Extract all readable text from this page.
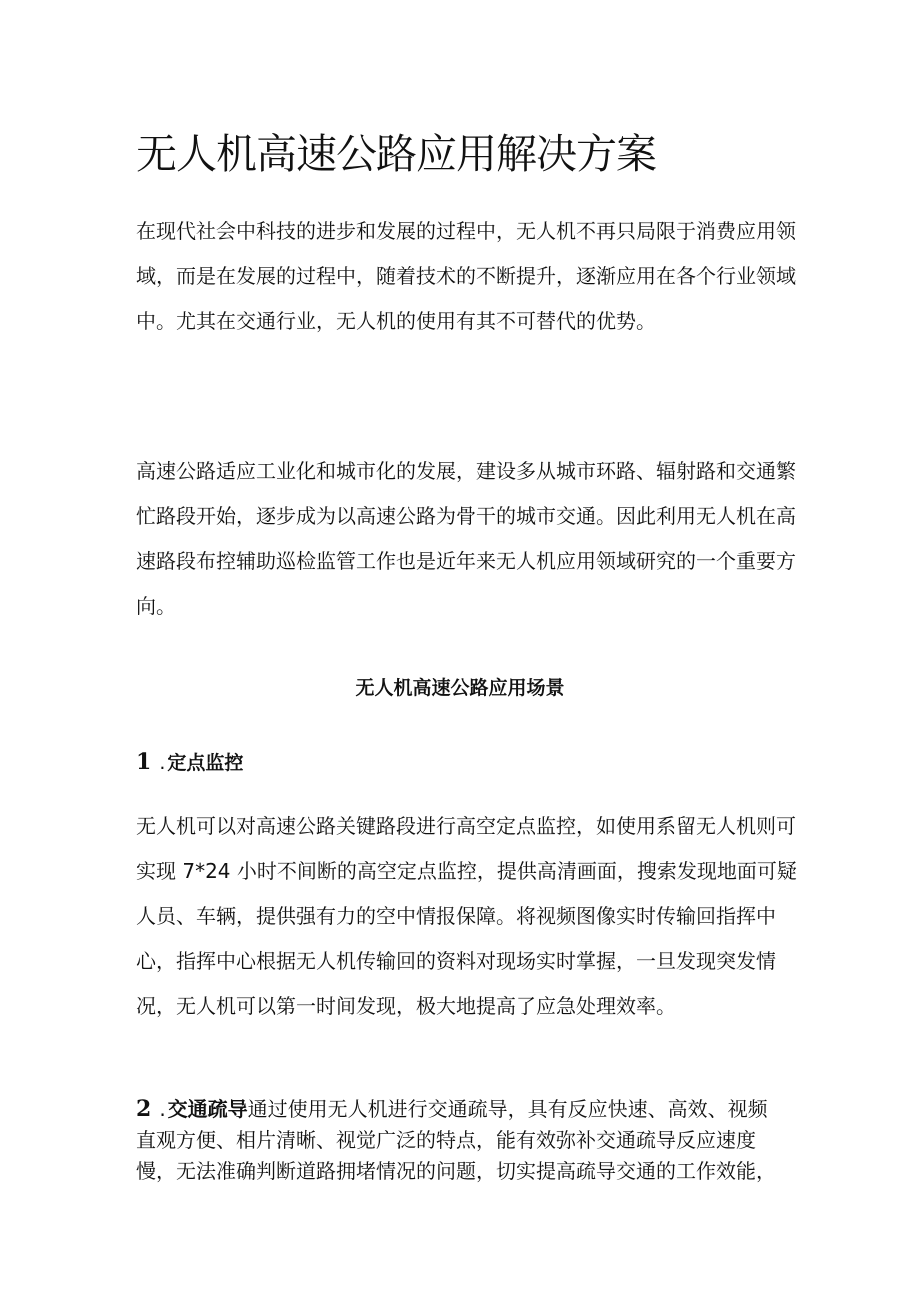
无人机高速公路应用解决方案

在现代社会中科技的进步和发展的过程中，无人机不再只局限于消费应用领域，而是在发展的过程中，随着技术的不断提升，逐渐应用在各个行业领域中。尤其在交通行业，无人机的使用有其不可替代的优势。

高速公路适应工业化和城市化的发展，建设多从城市环路、辐射路和交通繁忙路段开始，逐步成为以高速公路为骨干的城市交通。因此利用无人机在高速路段布控辅助巡检监管工作也是近年来无人机应用领域研究的一个重要方向。

无人机高速公路应用场景
1 . 定点监控

无人机可以对高速公路关键路段进行高空定点监控，如使用系留无人机则可实现 7*24 小时不间断的高空定点监控，提供高清画面，搜索发现地面可疑人员、车辆，提供强有力的空中情报保障。将视频图像实时传输回指挥中心，指挥中心根据无人机传输回的资料对现场实时掌握，一旦发现突发情况，无人机可以第一时间发现，极大地提高了应急处理效率。

2 . 交通疏导通过使用无人机进行交通疏导，具有反应快速、高效、视频直观方便、相片清晰、视觉广泛的特点，能有效弥补交通疏导反应速度慢，无法准确判断道路拥堵情况的问题，切实提高疏导交通的工作效能，
